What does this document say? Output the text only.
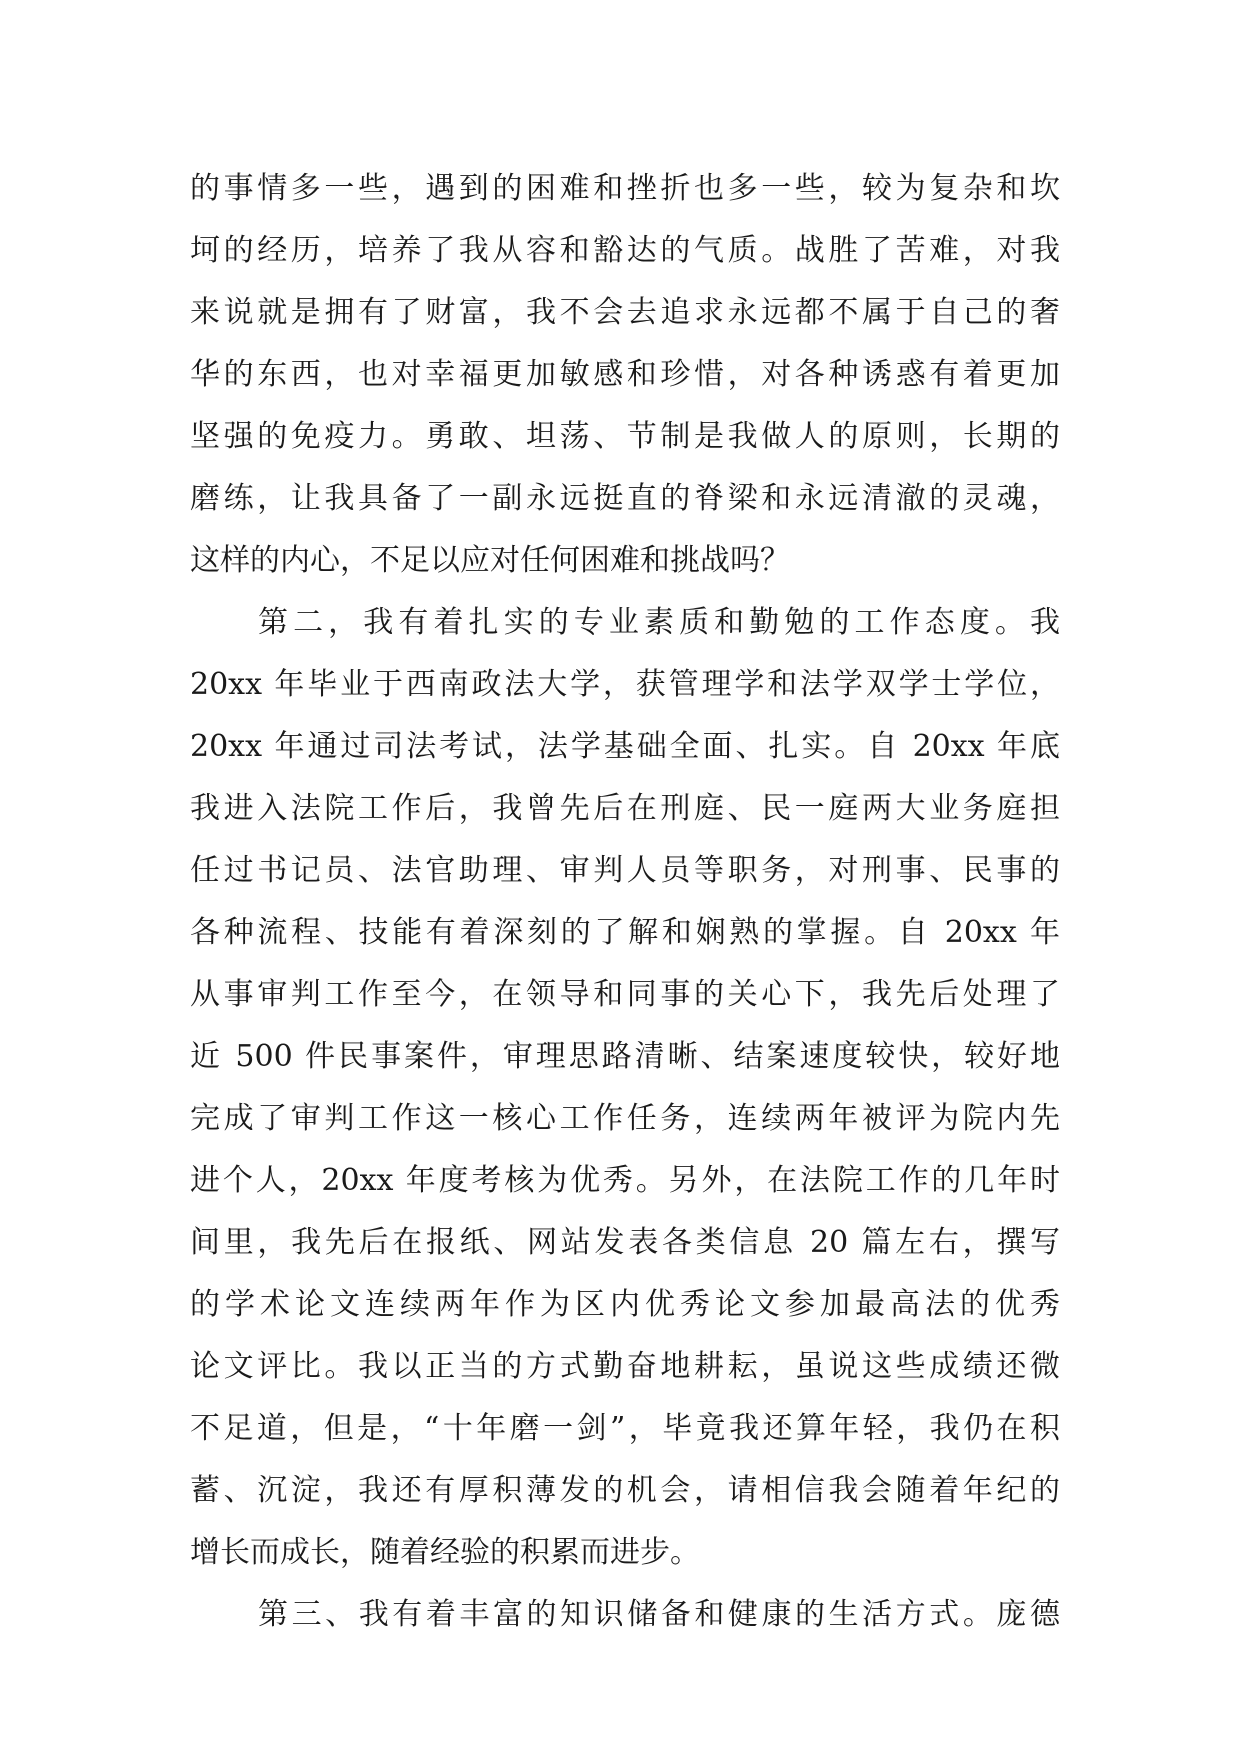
的事情多一些，遇到的困难和挫折也多一些，较为复杂和坎
坷的经历，培养了我从容和豁达的气质。战胜了苦难，对我
来说就是拥有了财富，我不会去追求永远都不属于自己的奢
华的东西，也对幸福更加敏感和珍惜，对各种诱惑有着更加
坚强的免疫力。勇敢、坦荡、节制是我做人的原则，长期的
磨练，让我具备了一副永远挺直的脊梁和永远清澈的灵魂，
这样的内心，不足以应对任何困难和挑战吗？
第二，我有着扎实的专业素质和勤勉的工作态度。我
20xx 年毕业于西南政法大学，获管理学和法学双学士学位，
20xx 年通过司法考试，法学基础全面、扎实。自 20xx 年底
我进入法院工作后，我曾先后在刑庭、民一庭两大业务庭担
任过书记员、法官助理、审判人员等职务，对刑事、民事的
各种流程、技能有着深刻的了解和娴熟的掌握。自 20xx 年
从事审判工作至今，在领导和同事的关心下，我先后处理了
近 500 件民事案件，审理思路清晰、结案速度较快，较好地
完成了审判工作这一核心工作任务，连续两年被评为院内先
进个人，20xx 年度考核为优秀。另外，在法院工作的几年时
间里，我先后在报纸、网站发表各类信息 20 篇左右，撰写
的学术论文连续两年作为区内优秀论文参加最高法的优秀
论文评比。我以正当的方式勤奋地耕耘，虽说这些成绩还微
不足道，但是，“十年磨一剑”，毕竟我还算年轻，我仍在积
蓄、沉淀，我还有厚积薄发的机会，请相信我会随着年纪的
增长而成长，随着经验的积累而进步。
第三、我有着丰富的知识储备和健康的生活方式。庞德
